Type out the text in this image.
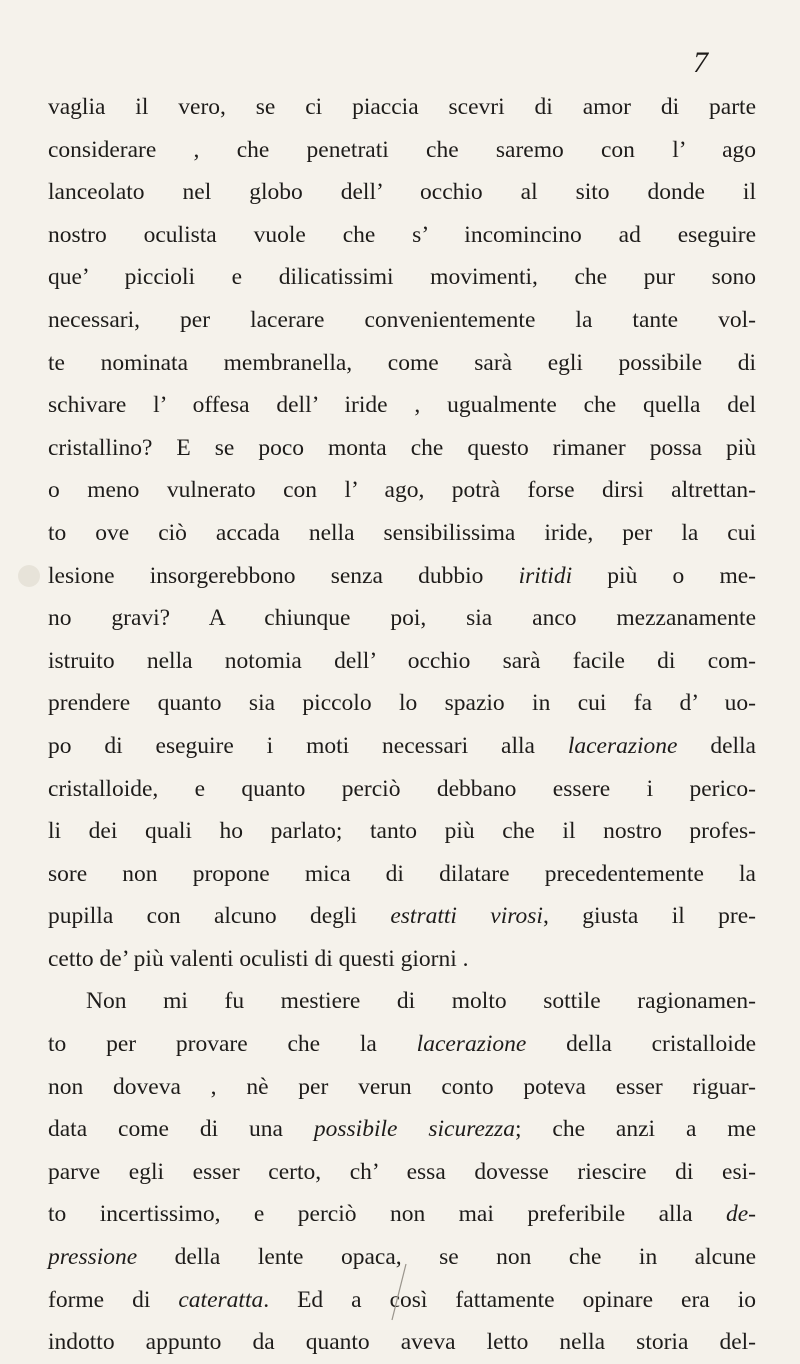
7
vaglia il vero, se ci piaccia scevri di amor di parte
considerare , che penetrati che saremo con l’ ago
lanceolato nel globo dell’ occhio al sito donde il
nostro oculista vuole che s’ incomincino ad eseguire
que’ piccioli e dilicatissimi movimenti, che pur sono
necessari, per lacerare convenientemente la tante vol-
te nominata membranella, come sarà egli possibile di
schivare l’ offesa dell’ iride , ugualmente che quella del
cristallino? E se poco monta che questo rimaner possa più
o meno vulnerato con l’ ago, potrà forse dirsi altrettan-
to ove ciò accada nella sensibilissima iride, per la cui
lesione insorgerebbono senza dubbio iritidi più o me-
no gravi? A chiunque poi, sia anco mezzanamente
istruito nella notomia dell’ occhio sarà facile di com-
prendere quanto sia piccolo lo spazio in cui fa d’ uo-
po di eseguire i moti necessari alla lacerazione della
cristalloide, e quanto perciò debbano essere i perico-
li dei quali ho parlato; tanto più che il nostro profes-
sore non propone mica di dilatare precedentemente la
pupilla con alcuno degli estratti virosi, giusta il pre-
cetto de’ più valenti oculisti di questi giorni .
Non mi fu mestiere di molto sottile ragionamen-
to per provare che la lacerazione della cristalloide
non doveva , nè per verun conto poteva esser riguar-
data come di una possibile sicurezza; che anzi a me
parve egli esser certo, ch’ essa dovesse riescire di esi-
to incertissimo, e perciò non mai preferibile alla de-
pressione della lente opaca, se non che in alcune
forme di cateratta. Ed a così fattamente opinare era io
indotto appunto da quanto aveva letto nella storia del-
